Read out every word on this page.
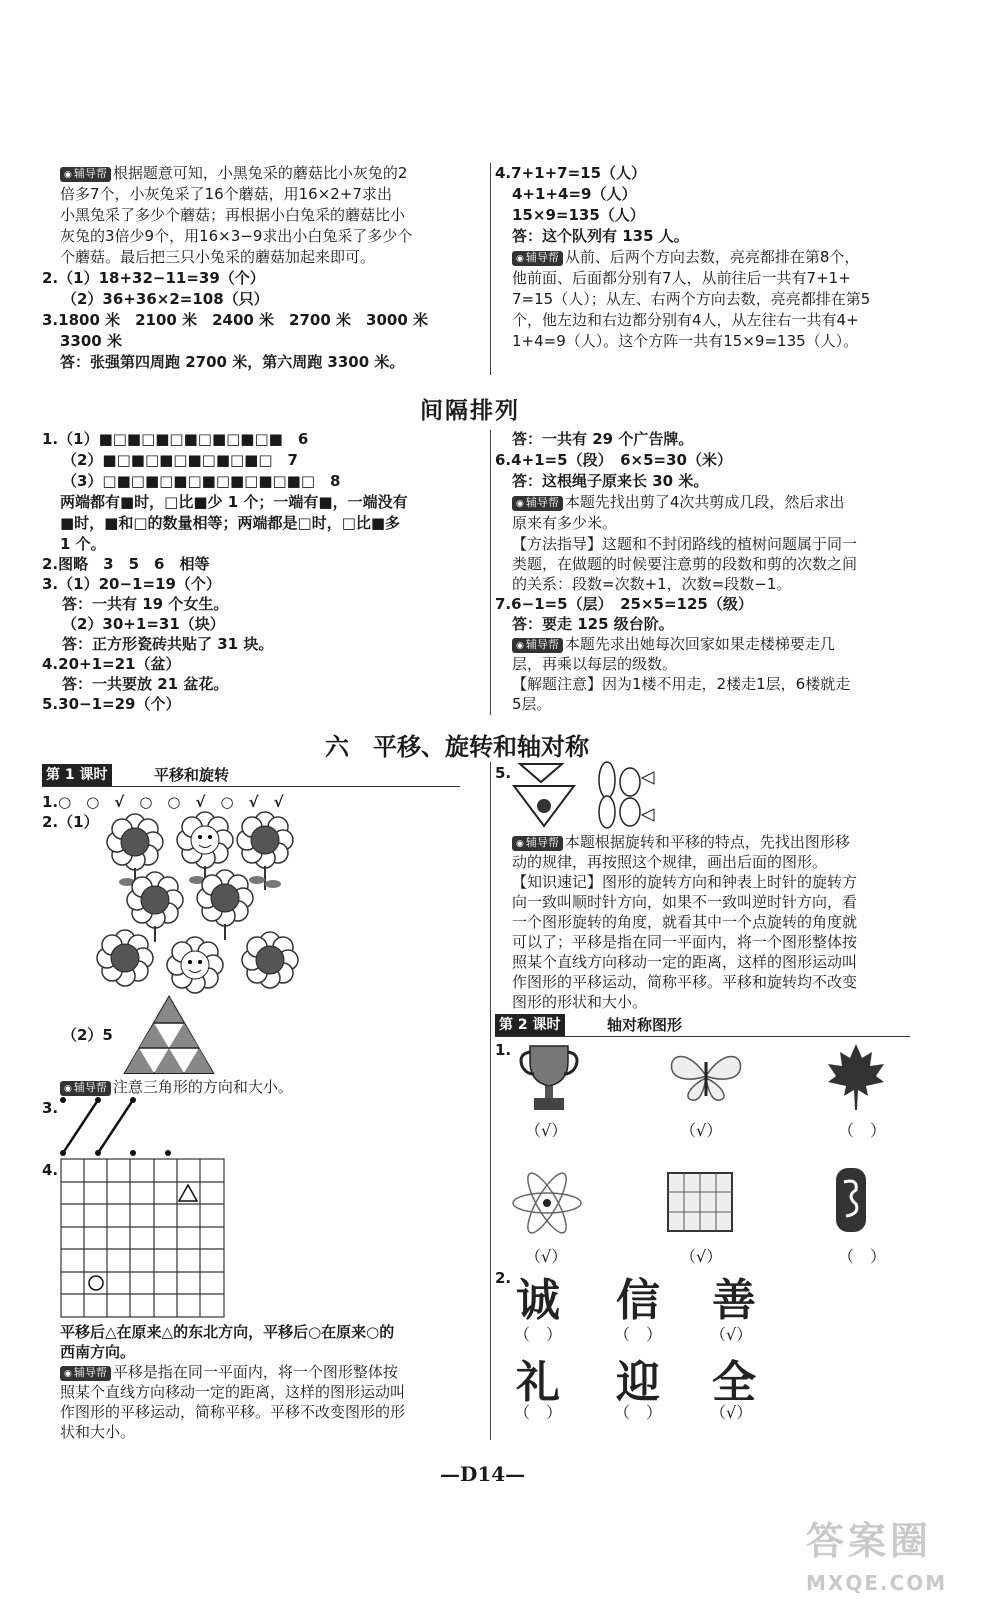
◉ 辅导帮 根据题意可知，小黑兔采的蘑菇比小灰兔的2
倍多7个，小灰兔采了16个蘑菇，用16×2+7求出
小黑兔采了多少个蘑菇；再根据小白兔采的蘑菇比小
灰兔的3倍少9个，用16×3−9求出小白兔采了多少个
个蘑菇。最后把三只小兔采的蘑菇加起来即可。
2.（1）18+32−11=39（个）
（2）36+36×2=108（只）
3.1800 米　2100 米　2400 米　2700 米　3000 米
3300 米
答：张强第四周跑 2700 米，第六周跑 3300 米。
4.7+1+7=15（人）
4+1+4=9（人）
15×9=135（人）
答：这个队列有 135 人。
◉ 辅导帮 从前、后两个方向去数，亮亮都排在第8个，
他前面、后面都分别有7人，从前往后一共有7+1+
7=15（人）；从左、右两个方向去数，亮亮都排在第5
个，他左边和右边都分别有4人，从左往右一共有4+
1+4=9（人）。这个方阵一共有15×9=135（人）。
间隔排列
1.（1）■□■□■□■□■□■□■　6
（2）■□■□■□■□■□■□　7
（3）□■□■□■□■□■□■□■□　8
两端都有■时，□比■少 1 个；一端有■，一端没有
■时，■和□的数量相等；两端都是□时，□比■多
1 个。
2.图略　3　5　6　相等
3.（1）20−1=19（个）
答：一共有 19 个女生。
（2）30+1=31（块）
答：正方形瓷砖共贴了 31 块。
4.20+1=21（盆）
答：一共要放 21 盆花。
5.30−1=29（个）
答：一共有 29 个广告牌。
6.4+1=5（段）　6×5=30（米）
答：这根绳子原来长 30 米。
◉ 辅导帮 本题先找出剪了4次共剪成几段，然后求出
原来有多少米。
【方法指导】这题和不封闭路线的植树问题属于同一
类题，在做题的时候要注意剪的段数和剪的次数之间
的关系：段数=次数+1，次数=段数−1。
7.6−1=5（层）　25×5=125（级）
答：要走 125 级台阶。
◉ 辅导帮 本题先求出她每次回家如果走楼梯要走几
层，再乘以每层的级数。
【解题注意】因为1楼不用走，2楼走1层，6楼就走
5层。
六　平移、旋转和轴对称
第 1 课时	平移和旋转
1.○　○　√　○　○　√　○　√　√
2.（1）
（2）5
◉ 辅导帮 注意三角形的方向和大小。
3.
4.
平移后△在原来△的东北方向，平移后○在原来○的
西南方向。
◉ 辅导帮 平移是指在同一平面内，将一个图形整体按
照某个直线方向移动一定的距离，这样的图形运动叫
作图形的平移运动，简称平移。平移不改变图形的形
状和大小。
5.
◉ 辅导帮 本题根据旋转和平移的特点，先找出图形移
动的规律，再按照这个规律，画出后面的图形。
【知识速记】图形的旋转方向和钟表上时针的旋转方
向一致叫顺时针方向，如果不一致叫逆时针方向，看
一个图形旋转的角度，就看其中一个点旋转的角度就
可以了；平移是指在同一平面内，将一个图形整体按
照某个直线方向移动一定的距离，这样的图形运动叫
作图形的平移运动，简称平移。平移和旋转均不改变
图形的形状和大小。
第 2 课时	轴对称图形
1.
（√）	（√）	（　）
（√）	（√）	（　）
2. 诚 信 善
（　）	（　）	（√）
礼 迎 全
（　）	（　）	（√）
—D14—
答案圈
MXQE.COM
